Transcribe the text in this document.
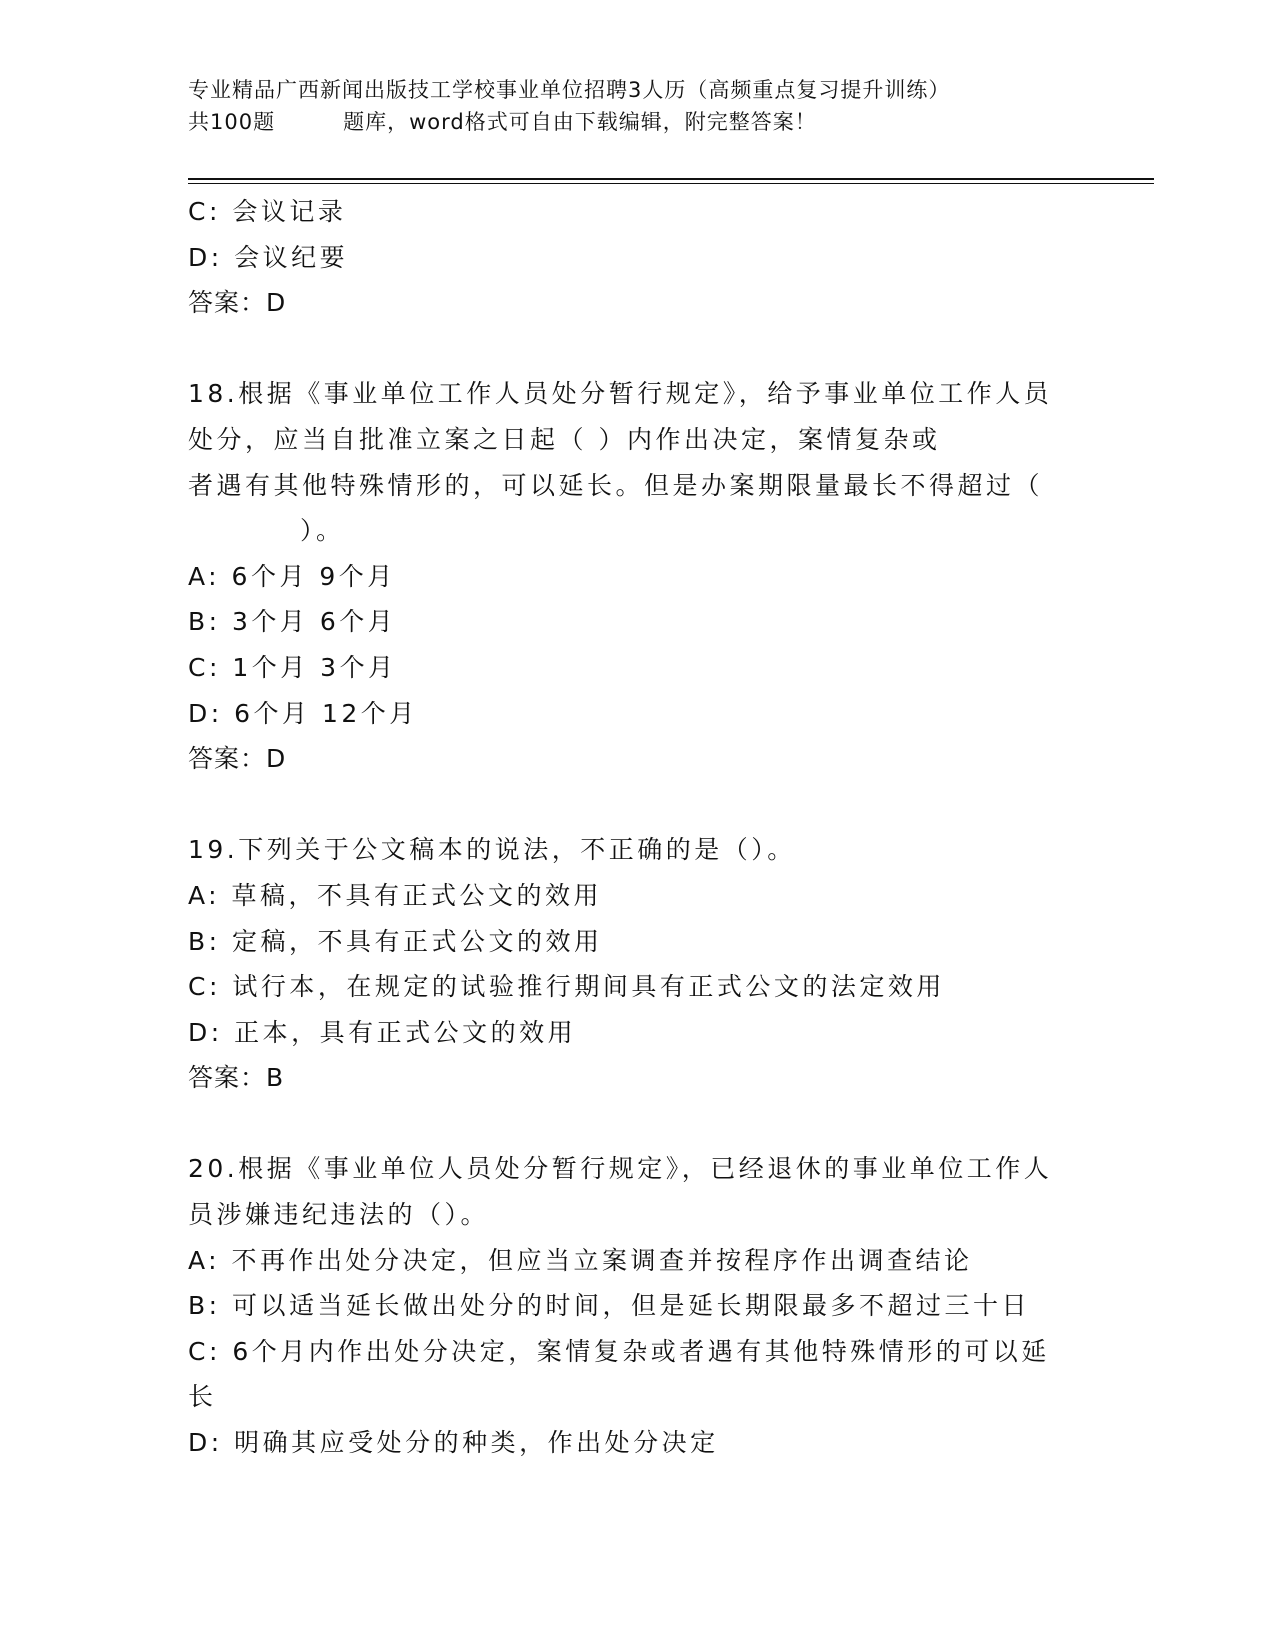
专业精品广西新闻出版技工学校事业单位招聘3人历（高频重点复习提升训练）
共100题	题库，word格式可自由下载编辑，附完整答案！
C: 会议记录
D: 会议纪要
答案：D
18.根据《事业单位工作人员处分暂行规定》，给予事业单位工作人员
处分，应当自批准立案之日起（ ）内作出决定，案情复杂或
者遇有其他特殊情形的，可以延长。但是办案期限量最长不得超过（
）。
A: 6个月 9个月
B: 3个月 6个月
C: 1个月 3个月
D: 6个月 12个月
答案：D
19.下列关于公文稿本的说法，不正确的是（）。
A: 草稿，不具有正式公文的效用
B: 定稿，不具有正式公文的效用
C: 试行本，在规定的试验推行期间具有正式公文的法定效用
D: 正本，具有正式公文的效用
答案：B
20.根据《事业单位人员处分暂行规定》，已经退休的事业单位工作人
员涉嫌违纪违法的（）。
A: 不再作出处分决定，但应当立案调查并按程序作出调查结论
B: 可以适当延长做出处分的时间，但是延长期限最多不超过三十日
C: 6个月内作出处分决定，案情复杂或者遇有其他特殊情形的可以延
长
D: 明确其应受处分的种类，作出处分决定
